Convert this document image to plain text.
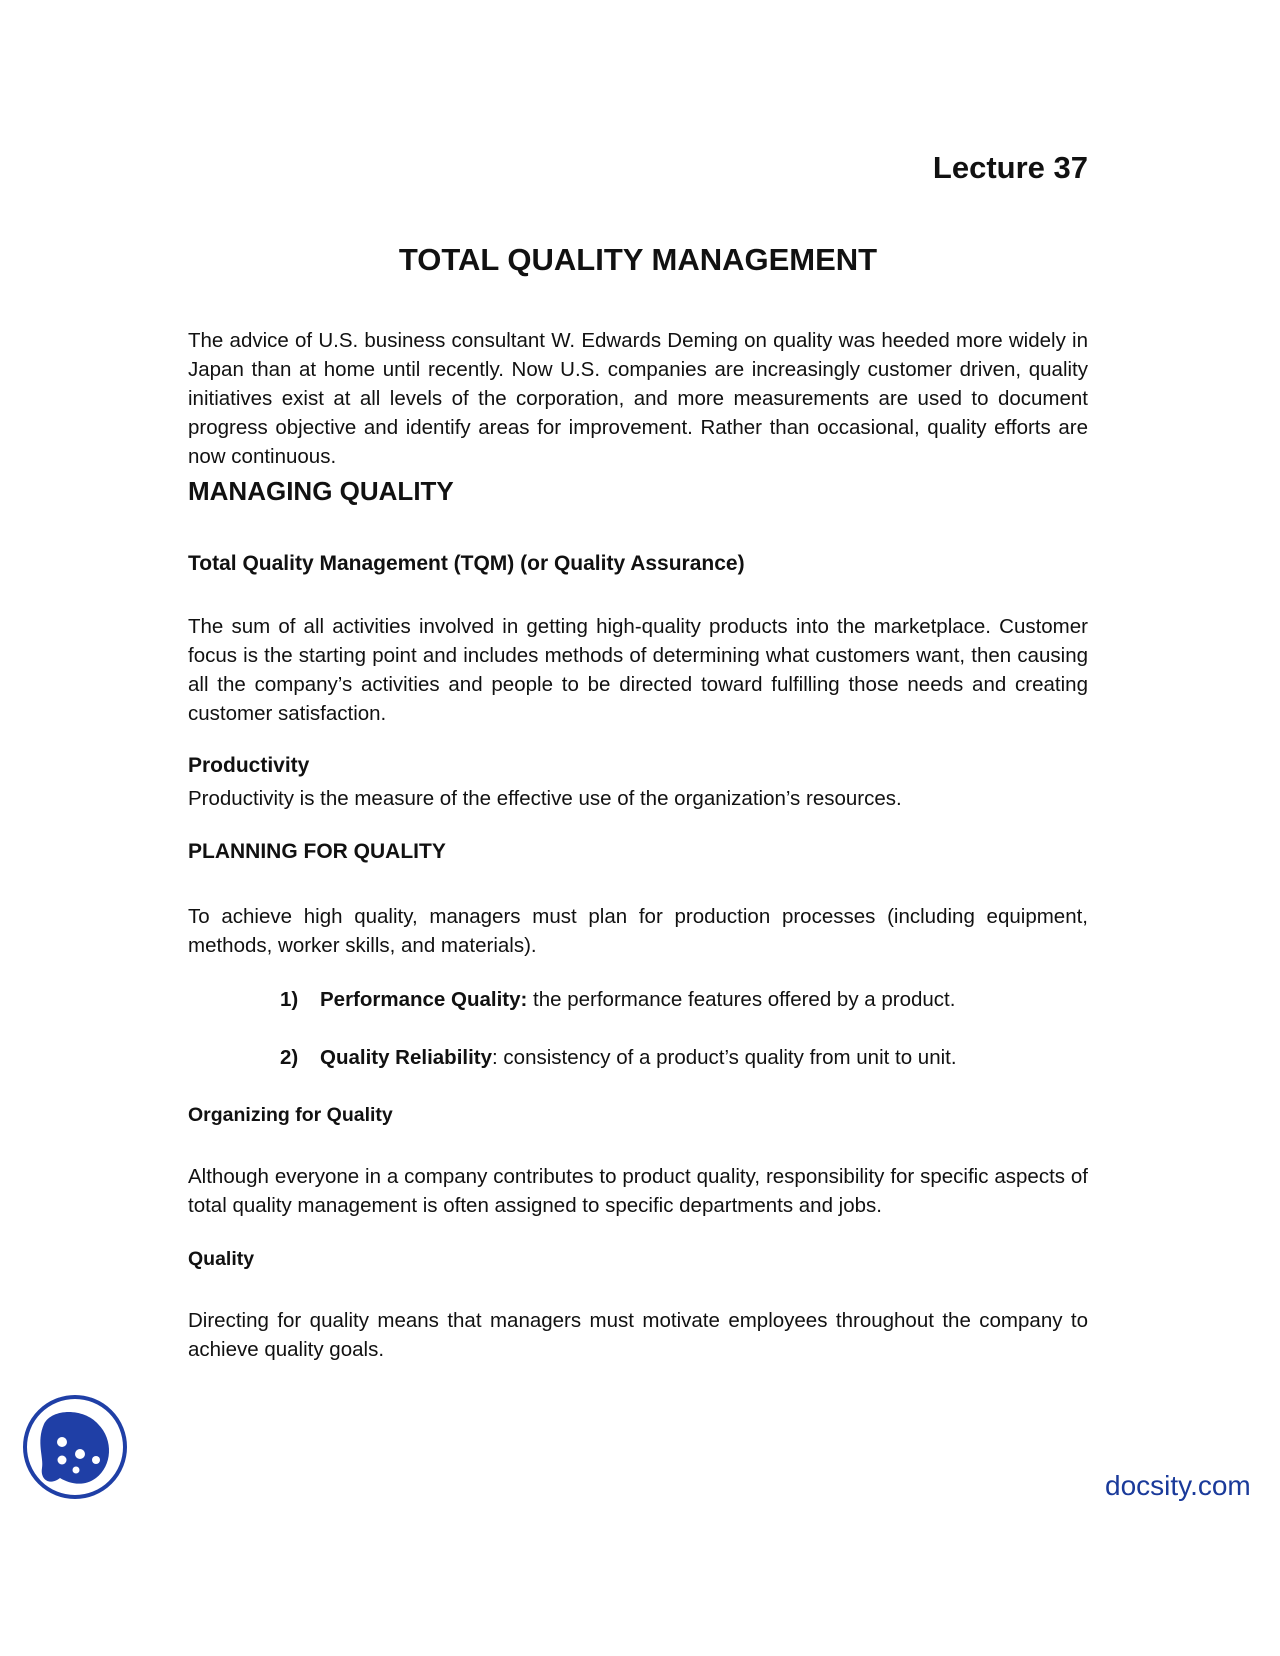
Lecture 37
TOTAL QUALITY MANAGEMENT

The advice of U.S. business consultant W. Edwards Deming on quality was heeded more widely in Japan than at home until recently. Now U.S. companies are increasingly customer driven, quality initiatives exist at all levels of the corporation, and more measurements are used to document progress objective and identify areas for improvement. Rather than occasional, quality efforts are now continuous.

MANAGING QUALITY
Total Quality Management (TQM) (or Quality Assurance)

The sum of all activities involved in getting high-quality products into the marketplace. Customer focus is the starting point and includes methods of determining what customers want, then causing all the company’s activities and people to be directed toward fulfilling those needs and creating customer satisfaction.

Productivity

Productivity is the measure of the effective use of the organization’s resources.

PLANNING FOR QUALITY

To achieve high quality, managers must plan for production processes (including equipment, methods, worker skills, and materials).

1) Performance Quality: the performance features offered by a product.
2) Quality Reliability: consistency of a product’s quality from unit to unit.
Organizing for Quality

Although everyone in a company contributes to product quality, responsibility for specific aspects of total quality management is often assigned to specific departments and jobs.

Quality

Directing for quality means that managers must motivate employees throughout the company to achieve quality goals.

docsity.com
